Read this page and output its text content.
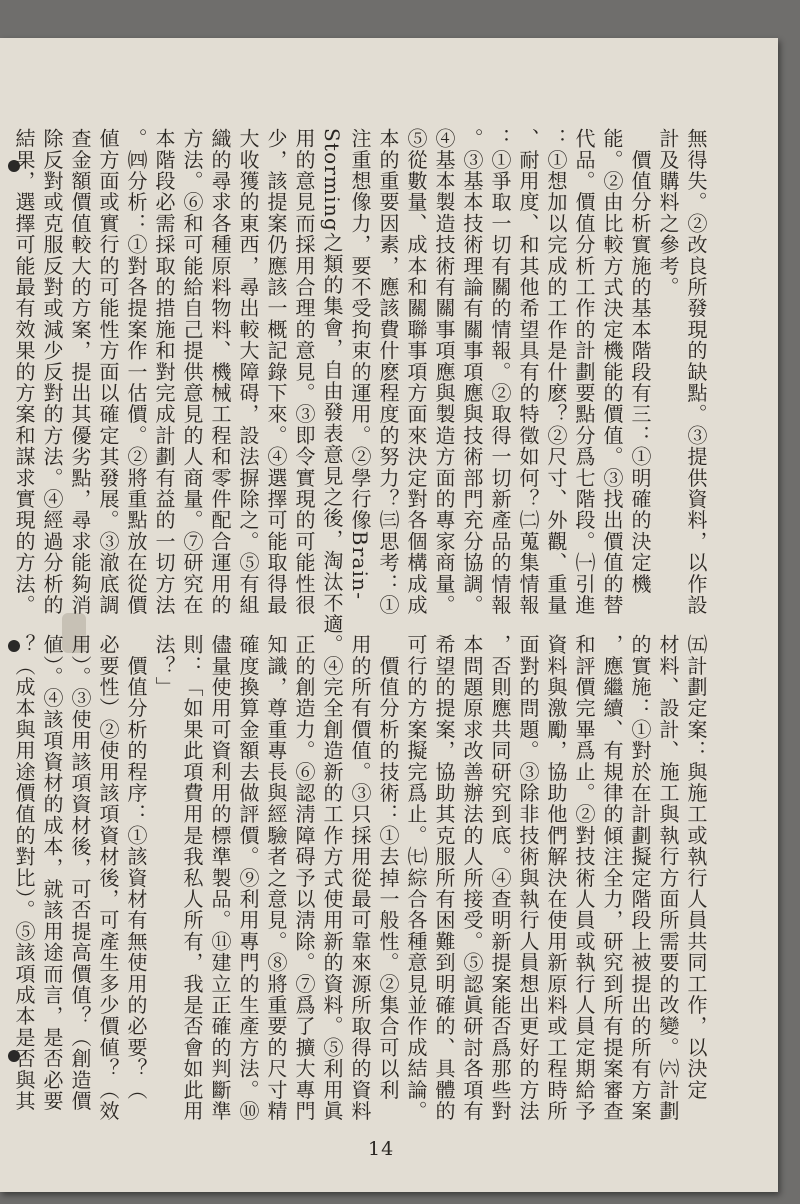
無得失。②改良所發現的缺點。③提供資料，以作設
計及購料之參考。
　價值分析實施的基本階段有三：①明確的決定機
能。②由比較方式決定機能的價值。③找出價值的替
代品。價值分析工作的計劃要點分爲七階段。㈠引進
：①想加以完成的工作是什麽？②尺寸、外觀、重量
、耐用度、和其他希望具有的特徵如何？㈡蒐集情報
：①爭取一切有關的情報。②取得一切新產品的情報
。③基本技術理論有關事項應與技術部門充分協調。
④基本製造技術有關事項應與製造方面的專家商量。
⑤從數量、成本和關聯事項方面來決定對各個構成成
本的重要因素，應該費什麽程度的努力？㈢思考：①
注重想像力，要不受拘束的運用。②學行像Brain-
Storming之類的集會，自由發表意見之後，淘汰不適
用的意見而採用合理的意見。③即令實現的可能性很
少，該提案仍應該一概記錄下來。④選擇可能取得最
大收獲的東西，尋出較大障碍，設法摒除之。⑤有組
織的尋求各種原料物料、機械工程和零件配合運用的
方法。⑥和可能給自己提供意見的人商量。⑦研究在
本階段必需採取的措施和對完成計劃有益的一切方法
。㈣分析：①對各提案作一估價。②將重點放在從價
値方面或實行的可能性方面以確定其發展。③澈底調
查金額價值較大的方案，提出其優劣點，尋求能夠消
除反對或克服反對或減少反對的方法。④經過分析的
結果，選擇可能最有效果的方案和謀求實現的方法。
㈤計劃定案：與施工或執行人員共同工作，以決定
材料、設計、施工與執行方面所需要的改變。㈥計劃
的實施：①對於在計劃擬定階段上被提出的所有方案
，應繼續、有規律的傾注全力，研究到所有提案審查
和評價完畢爲止。②對技術人員或執行人員定期給予
資料與激勵，協助他們解決在使用新原料或工程時所
面對的問題。③除非技術與執行人員想出更好的方法
，否則應共同研究到底。④查明新提案能否爲那些對
本問題原求改善辦法的人所接受。⑤認眞研討各項有
希望的提案，協助其克服所有困難到明確的、具體的
可行的方案擬完爲止。㈦綜合各種意見並作成結論。
　價值分析的技術：①去掉一般性。②集合可以利
用的所有價值。③只採用從最可靠來源所取得的資料
。④完全創造新的工作方式使用新的資料。⑤利用眞
正的創造力。⑥認淸障碍予以淸除。⑦爲了擴大專門
知識，尊重專長與經驗者之意見。⑧將重要的尺寸精
確度換算金額去做評價。⑨利用專門的生產方法。⑩
儘量使用可資利用的標準製品。⑪建立正確的判斷準
則：「如果此項費用是我私人所有，我是否會如此用
法？」
　價值分析的程序：①該資材有無使用的必要？（
必要性）②使用該項資材後，可產生多少價値？（效
用）。③使用該項資材後，可否提高價值？（創造價
値）。④該項資材的成本，就該用途而言，是否必要
？（成本與用途價值的對比）。⑤該項成本是否與其
14
